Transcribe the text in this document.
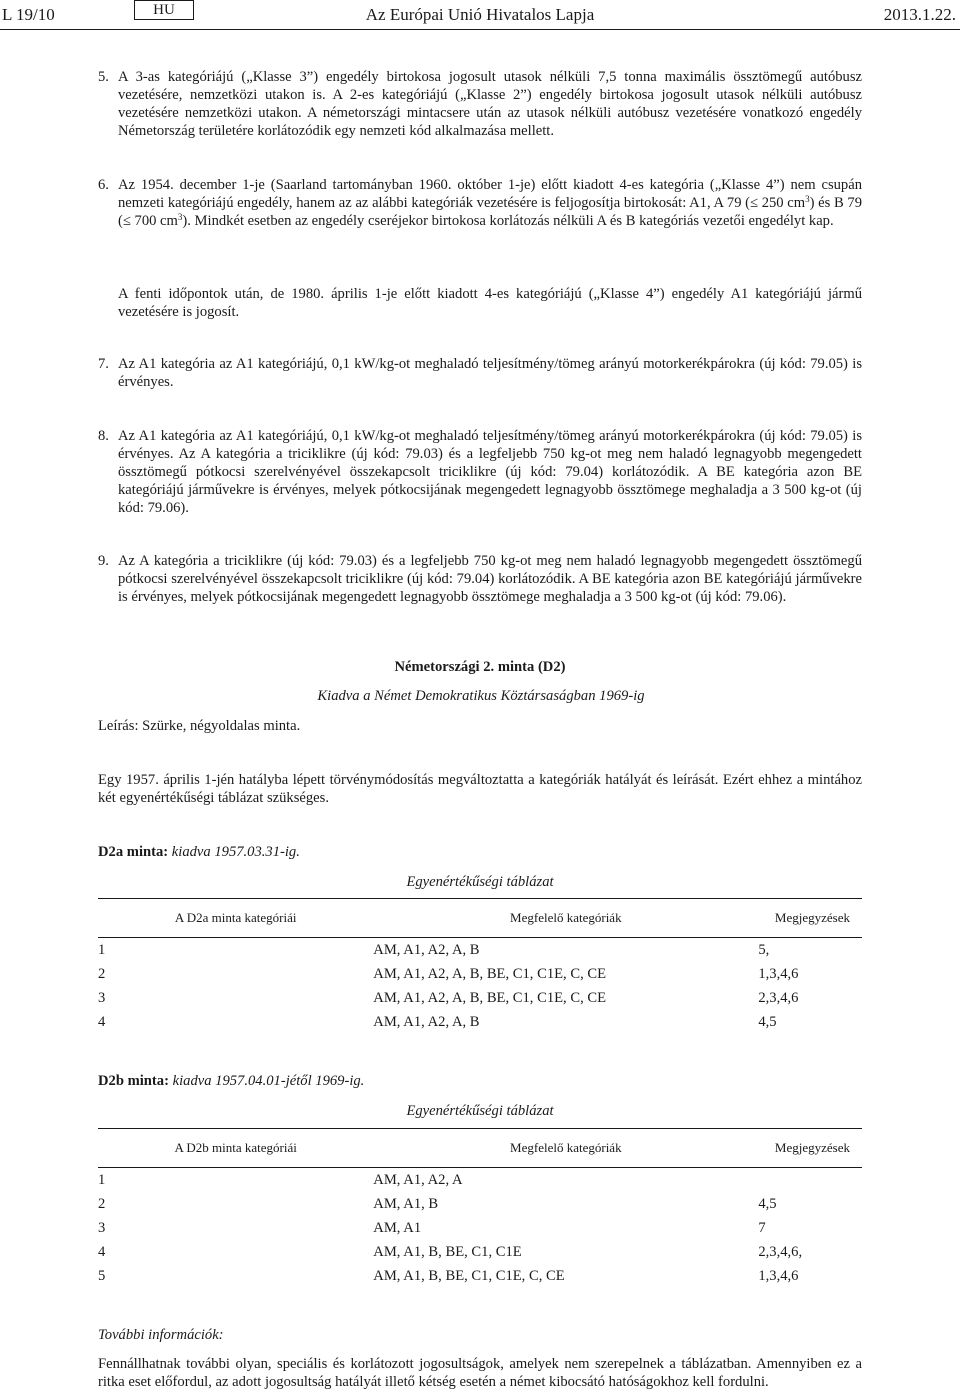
L 19/10	HU	Az Európai Unió Hivatalos Lapja	2013.1.22.
5. A 3-as kategóriájú („Klasse 3”) engedély birtokosa jogosult utasok nélküli 7,5 tonna maximális össztömegű autóbusz vezetésére, nemzetközi utakon is. A 2-es kategóriájú („Klasse 2”) engedély birtokosa jogosult utasok nélküli autóbusz vezetésére nemzetközi utakon. A németországi mintacsere után az utasok nélküli autóbusz vezetésére vonatkozó engedély Németország területére korlátozódik egy nemzeti kód alkalmazása mellett.
6. Az 1954. december 1-je (Saarland tartományban 1960. október 1-je) előtt kiadott 4-es kategória („Klasse 4”) nem csupán nemzeti kategóriájú engedély, hanem az az alábbi kategóriák vezetésére is feljogosítja birtokosát: A1, A 79 (≤ 250 $cm^3$) és B 79 (≤ 700 $cm^3$). Mindkét esetben az engedély cseréjekor birtokosa korlátozás nélküli A és B kategóriás vezetői engedélyt kap.
A fenti időpontok után, de 1980. április 1-je előtt kiadott 4-es kategóriájú („Klasse 4”) engedély A1 kategóriájú jármű vezetésére is jogosít.
7. Az A1 kategória az A1 kategóriájú, 0,1 kW/kg-ot meghaladó teljesítmény/tömeg arányú motorkerékpárokra (új kód: 79.05) is érvényes.
8. Az A1 kategória az A1 kategóriájú, 0,1 kW/kg-ot meghaladó teljesítmény/tömeg arányú motorkerékpárokra (új kód: 79.05) is érvényes. Az A kategória a triciklikre (új kód: 79.03) és a legfeljebb 750 kg-ot meg nem haladó legnagyobb megengedett össztömegű pótkocsi szerelvényével összekapcsolt triciklikre (új kód: 79.04) korlátozódik. A BE kategória azon BE kategóriájú járművekre is érvényes, melyek pótkocsijának megengedett legnagyobb össztömege meghaladja a 3 500 kg-ot (új kód: 79.06).
9. Az A kategória a triciklikre (új kód: 79.03) és a legfeljebb 750 kg-ot meg nem haladó legnagyobb megengedett össztömegű pótkocsi szerelvényével összekapcsolt triciklikre (új kód: 79.04) korlátozódik. A BE kategória azon BE kategóriájú járművekre is érvényes, melyek pótkocsijának megengedett legnagyobb össztömege meghaladja a 3 500 kg-ot (új kód: 79.06).
Németországi 2. minta (D2)
Kiadva a Német Demokratikus Köztársaságban 1969-ig
Leírás: Szürke, négyoldalas minta.
Egy 1957. április 1-jén hatályba lépett törvénymódosítás megváltoztatta a kategóriák hatályát és leírását. Ezért ehhez a mintához két egyenértékűségi táblázat szükséges.
D2a minta: kiadva 1957.03.31-ig.
Egyenértékűségi táblázat
A D2a minta kategóriái	Megfelelő kategóriák	Megjegyzések
1	AM, A1, A2, A, B	5,
2	AM, A1, A2, A, B, BE, C1, C1E, C, CE	1,3,4,6
3	AM, A1, A2, A, B, BE, C1, C1E, C, CE	2,3,4,6
4	AM, A1, A2, A, B	4,5
D2b minta: kiadva 1957.04.01-jétől 1969-ig.
Egyenértékűségi táblázat
A D2b minta kategóriái	Megfelelő kategóriák	Megjegyzések
1	AM, A1, A2, A	
2	AM, A1, B	4,5
3	AM, A1	7
4	AM, A1, B, BE, C1, C1E	2,3,4,6,
5	AM, A1, B, BE, C1, C1E, C, CE	1,3,4,6
További információk:
Fennállhatnak további olyan, speciális és korlátozott jogosultságok, amelyek nem szerepelnek a táblázatban. Amennyiben ez a ritka eset előfordul, az adott jogosultság hatályát illető kétség esetén a német kibocsátó hatóságokhoz kell fordulni.
